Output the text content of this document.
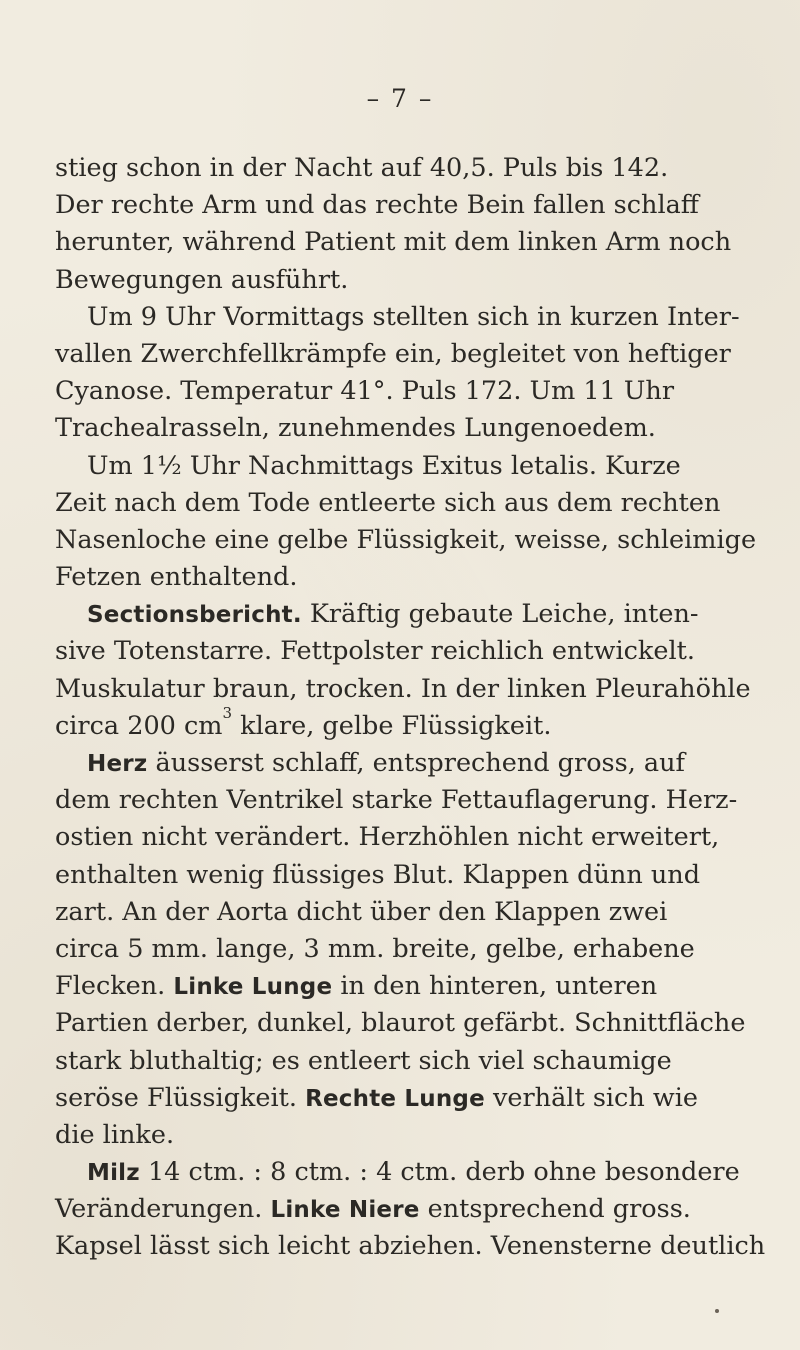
– 7 –
stieg schon in der Nacht auf 40,5. Puls bis 142.
Der rechte Arm und das rechte Bein fallen schlaff
herunter, während Patient mit dem linken Arm noch
Bewegungen ausführt.
Um 9 Uhr Vormittags stellten sich in kurzen Inter-
vallen Zwerchfellkrämpfe ein, begleitet von heftiger
Cyanose. Temperatur 41°. Puls 172. Um 11 Uhr
Trachealrasseln, zunehmendes Lungenoedem.
Um 1½ Uhr Nachmittags Exitus letalis. Kurze
Zeit nach dem Tode entleerte sich aus dem rechten
Nasenloche eine gelbe Flüssigkeit, weisse, schleimige
Fetzen enthaltend.
Sectionsbericht. Kräftig gebaute Leiche, inten-
sive Totenstarre. Fettpolster reichlich entwickelt.
Muskulatur braun, trocken. In der linken Pleurahöhle
circa 200 $cm^3$ klare, gelbe Flüssigkeit.
Herz äusserst schlaff, entsprechend gross, auf
dem rechten Ventrikel starke Fettauflagerung. Herz-
ostien nicht verändert. Herzhöhlen nicht erweitert,
enthalten wenig flüssiges Blut. Klappen dünn und
zart. An der Aorta dicht über den Klappen zwei
circa 5 mm. lange, 3 mm. breite, gelbe, erhabene
Flecken. Linke Lunge in den hinteren, unteren
Partien derber, dunkel, blaurot gefärbt. Schnittfläche
stark bluthaltig; es entleert sich viel schaumige
seröse Flüssigkeit. Rechte Lunge verhält sich wie
die linke.
Milz 14 ctm. : 8 ctm. : 4 ctm. derb ohne besondere
Veränderungen. Linke Niere entsprechend gross.
Kapsel lässt sich leicht abziehen. Venensterne deutlich
